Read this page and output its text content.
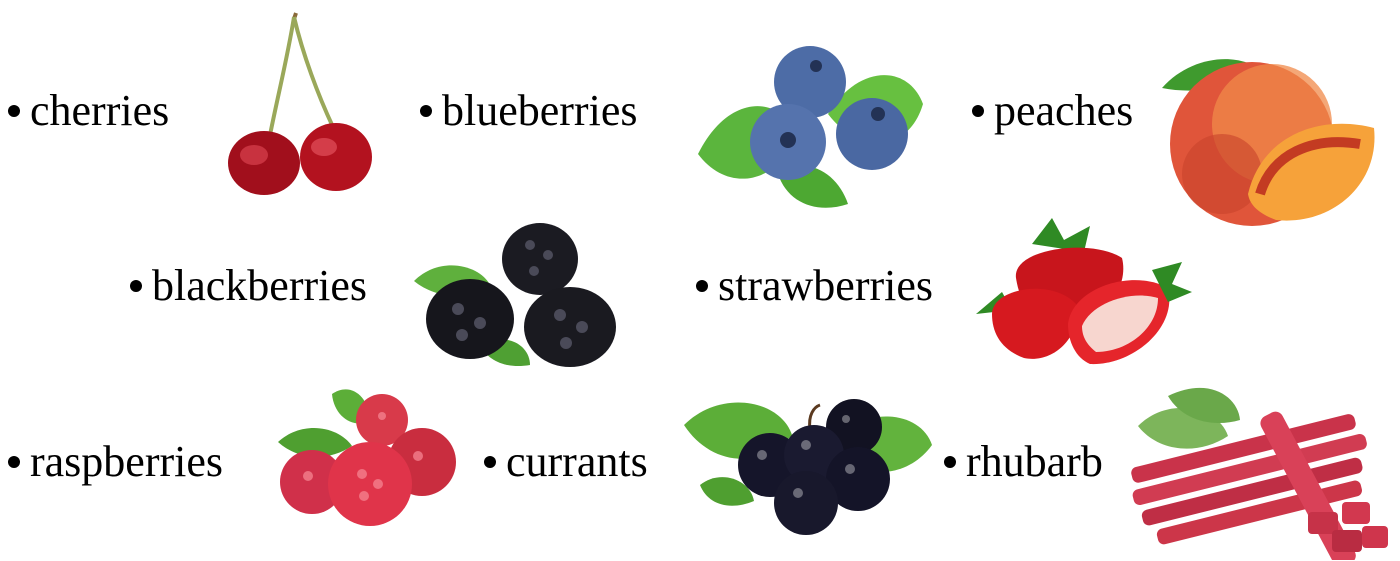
cherries	blueberries	peaches
blackberries	strawberries
raspberries	currants	rhubarb
